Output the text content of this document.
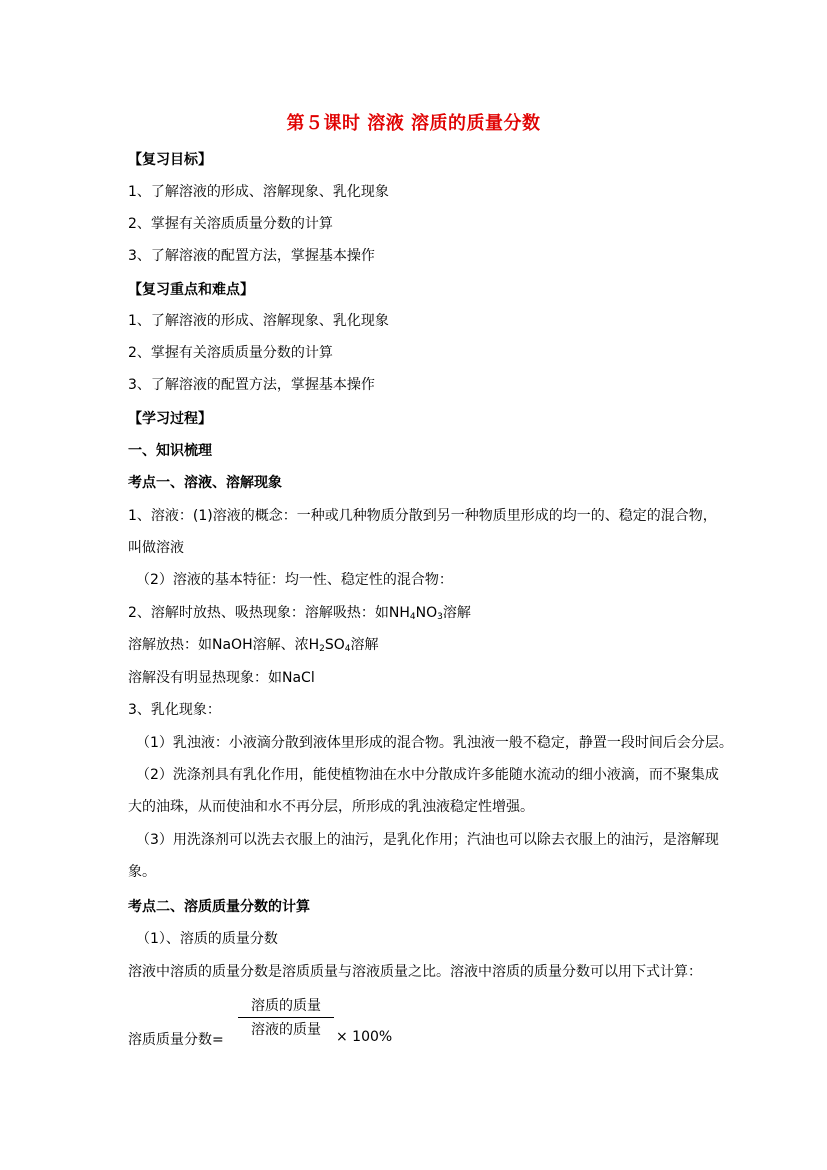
第５课时 溶液 溶质的质量分数
【复习目标】
1、了解溶液的形成、溶解现象、乳化现象
2、掌握有关溶质质量分数的计算
3、了解溶液的配置方法，掌握基本操作
【复习重点和难点】
1、了解溶液的形成、溶解现象、乳化现象
2、掌握有关溶质质量分数的计算
3、了解溶液的配置方法，掌握基本操作
【学习过程】
一、知识梳理
考点一、溶液、溶解现象
1、溶液：(1)溶液的概念：一种或几种物质分散到另一种物质里形成的均一的、稳定的混合物，
叫做溶液
（2）溶液的基本特征：均一性、稳定性的混合物：
2、溶解时放热、吸热现象：溶解吸热：如$NH_4NO_3$溶解
溶解放热：如NaOH溶解、浓$H_2SO_4$溶解
溶解没有明显热现象：如NaCl
3、乳化现象：
（1）乳浊液：小液滴分散到液体里形成的混合物。乳浊液一般不稳定，静置一段时间后会分层。
（2）洗涤剂具有乳化作用，能使植物油在水中分散成许多能随水流动的细小液滴，而不聚集成
大的油珠，从而使油和水不再分层，所形成的乳浊液稳定性增强。
（3）用洗涤剂可以洗去衣服上的油污，是乳化作用；汽油也可以除去衣服上的油污，是溶解现
象。
考点二、溶质质量分数的计算
（1）、溶质的质量分数
溶液中溶质的质量分数是溶质质量与溶液质量之比。溶液中溶质的质量分数可以用下式计算：
溶质的质量
溶液的质量
溶质质量分数=	× 100%
